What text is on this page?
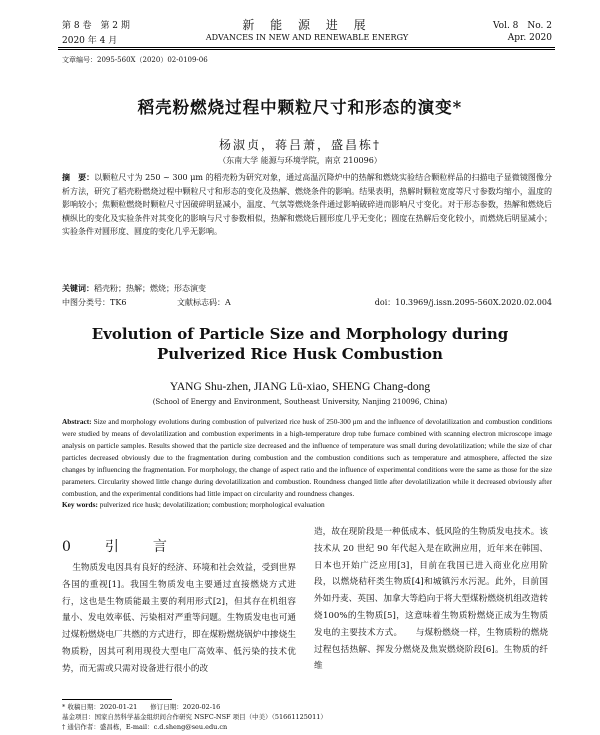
第 8 卷　第 2 期	新 能 源 进 展	Vol. 8　No. 2
2020 年 4 月	ADVANCES IN NEW AND RENEWABLE ENERGY	Apr. 2020
文章编号：2095-560X（2020）02-0109-06
稻壳粉燃烧过程中颗粒尺寸和形态的演变*
杨淑贞，蒋吕萧，盛昌栋†
（东南大学 能源与环境学院，南京 210096）
摘　要：以颗粒尺寸为 250 ~ 300 μm 的稻壳粉为研究对象，通过高温沉降炉中的热解和燃烧实验结合颗粒样品的扫描电子显微镜图像分析方法，研究了稻壳粉燃烧过程中颗粒尺寸和形态的变化及热解、燃烧条件的影响。结果表明，热解时颗粒宽度等尺寸参数均缩小，温度的影响较小；焦颗粒燃烧时颗粒尺寸因破碎明显减小，温度、气氛等燃烧条件通过影响破碎进而影响尺寸变化。对于形态参数，热解和燃烧后横纵比的变化及实验条件对其变化的影响与尺寸参数相似，热解和燃烧后圆形度几乎无变化；圆度在热解后变化较小，而燃烧后明显减小；实验条件对圆形度、圆度的变化几乎无影响。
关键词：稻壳粉；热解；燃烧；形态演变
中图分类号：TK6	文献标志码：A	doi：10.3969/j.issn.2095-560X.2020.02.004
Evolution of Particle Size and Morphology during
Pulverized Rice Husk Combustion
YANG Shu-zhen, JIANG Lü-xiao, SHENG Chang-dong
(School of Energy and Environment, Southeast University, Nanjing 210096, China)
Abstract: Size and morphology evolutions during combustion of pulverized rice husk of 250-300 μm and the influence of devolatilization and combustion conditions were studied by means of devolatilization and combustion experiments in a high-temperature drop tube furnace combined with scanning electron microscope image analysis on particle samples. Results showed that the particle size decreased and the influence of temperature was small during devolatilization; while the size of char particles decreased obviously due to the fragmentation during combustion and the combustion conditions such as temperature and atmosphere, affected the size changes by influencing the fragmentation. For morphology, the change of aspect ratio and the influence of experimental conditions were the same as those for the size parameters. Circularity showed little change during devolatilization and combustion. Roundness changed little after devolatilization while it decreased obviously after combustion, and the experimental conditions had little impact on circularity and roundness changes.
Key words: pulverized rice husk; devolatilization; combustion; morphological evaluation
0　引　言
生物质发电因具有良好的经济、环境和社会效益，受到世界各国的重视[1]。我国生物质发电主要通过直接燃烧方式进行，这也是生物质能最主要的利用形式[2]，但其存在机组容量小、发电效率低、污染相对严重等问题。生物质发电也可通过煤粉燃烧电厂共燃的方式进行，即在煤粉燃烧锅炉中掺烧生物质粉，因其可利用现役大型电厂高效率、低污染的技术优势，而无需或只需对设备进行很小的改
造，故在现阶段是一种低成本、低风险的生物质发电技术。该技术从 20 世纪 90 年代起入是在欧洲应用，近年来在韩国、日本也开始广泛应用[3]，目前在我国已进入商业化应用阶段，以燃烧秸秆类生物质[4]和城镇污水污泥。此外，目前国外如丹麦、英国、加拿大等趋向于将大型煤粉燃烧机组改造转烧100%的生物质[5]，这意味着生物质粉燃烧正成为生物质发电的主要技术方式。　　与煤粉燃烧一样，生物质粉的燃烧过程包括热解、挥发分燃烧及焦炭燃烧阶段[6]。生物质的纤维
* 收稿日期：2020-01-21　　修订日期：2020-02-16
基金项目：国家自然科学基金组织间合作研究 NSFC-NSF 项目（中美）（51661125011）
† 通信作者：盛昌栋，E-mail：c.d.sheng@seu.edu.cn
